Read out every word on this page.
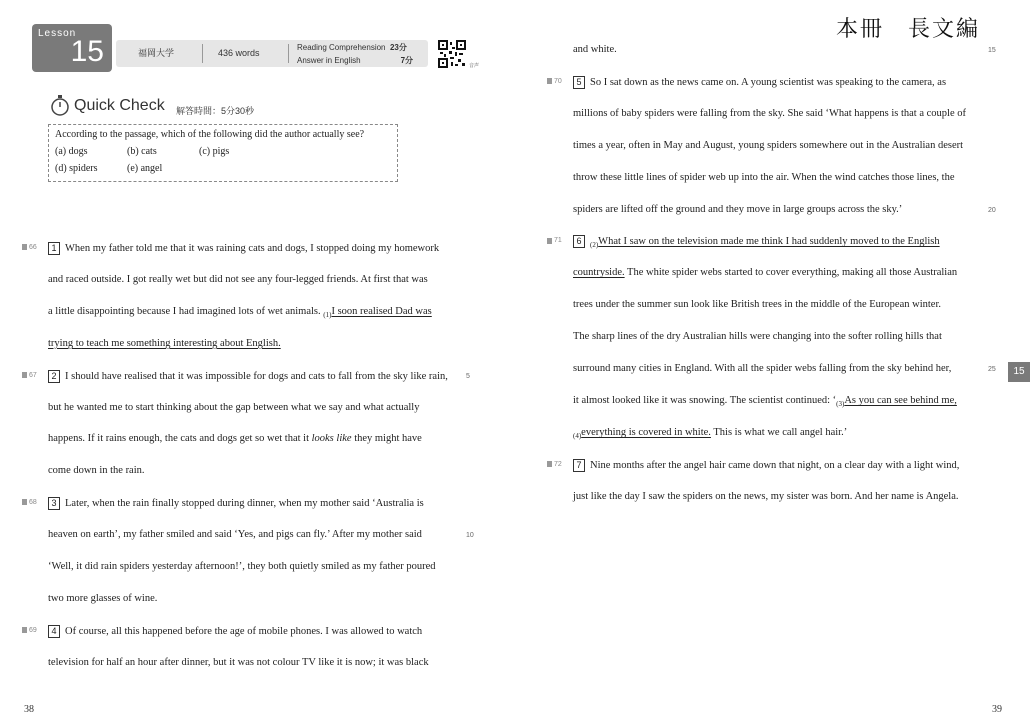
Lesson
15	福岡大学	436 words
Reading Comprehension 23分
Answer in English	7分
音声
Quick Check 解答時間：5分30秒
According to the passage, which of the following did the author actually see?
(a) dogs	(b) cats	(c) pigs
(d) spiders	(e) angel
66	1 When my father told me that it was raining cats and dogs, I stopped doing my homework
and raced outside. I got really wet but did not see any four-legged friends. At first that was
a little disappointing because I had imagined lots of wet animals. $_{(1)}$I soon realised Dad was
trying to teach me something interesting about English.
67	2 I should have realised that it was impossible for dogs and cats to fall from the sky like rain,	5
but he wanted me to start thinking about the gap between what we say and what actually
happens. If it rains enough, the cats and dogs get so wet that it looks like they might have
come down in the rain.
68	3 Later, when the rain finally stopped during dinner, when my mother said ‘Australia is
heaven on earth’, my father smiled and said ‘Yes, and pigs can fly.’ After my mother said	10
‘Well, it did rain spiders yesterday afternoon!’, they both quietly smiled as my father poured
two more glasses of wine.
69	4 Of course, all this happened before the age of mobile phones. I was allowed to watch
television for half an hour after dinner, but it was not colour TV like it is now; it was black
38
and white.	15
70	5 So I sat down as the news came on. A young scientist was speaking to the camera, as
millions of baby spiders were falling from the sky. She said ‘What happens is that a couple of
times a year, often in May and August, young spiders somewhere out in the Australian desert
throw these little lines of spider web up into the air. When the wind catches those lines, the
spiders are lifted off the ground and they move in large groups across the sky.’	20
71	6 $_{(2)}$What I saw on the television made me think I had suddenly moved to the English
countryside. The white spider webs started to cover everything, making all those Australian
trees under the summer sun look like British trees in the middle of the European winter.
The sharp lines of the dry Australian hills were changing into the softer rolling hills that
surround many cities in England. With all the spider webs falling from the sky behind her,	25
it almost looked like it was snowing. The scientist continued: ‘$_{(3)}As$ you can see behind me,
$_{(4)}$everything is covered in white. This is what we call angel hair.’
72	7 Nine months after the angel hair came down that night, on a clear day with a light wind,
just like the day I saw the spiders on the news, my sister was born. And her name is Angela.
39
本冊　長文編
15
